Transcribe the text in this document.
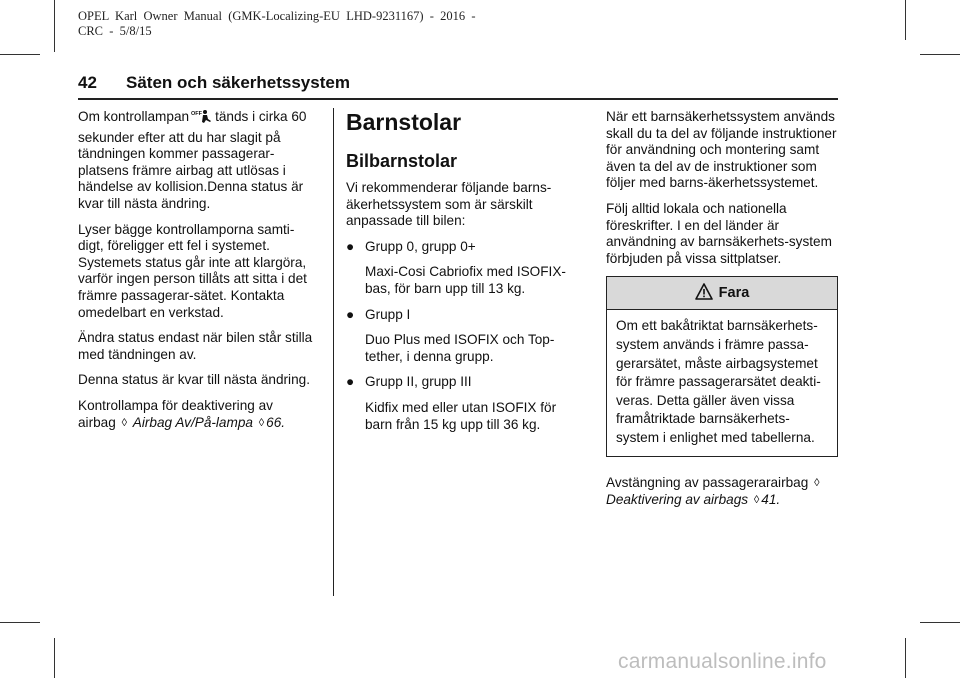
OPEL  Karl  Owner  Manual  (GMK-Localizing-EU  LHD-9231167)  -  2016  -
CRC  -  5/8/15
42 Säten och säkerhetssystem

Om kontrollampan OFF tänds i cirka 60 sekunder efter att du har slagit på tändningen kommer passagerar-platsens främre airbag att utlösas i händelse av kollision.Denna status är kvar till nästa ändring.

Lyser bägge kontrollamporna samti-digt, föreligger ett fel i systemet. Systemets status går inte att klargöra, varför ingen person tillåts att sitta i det främre passagerar-sätet. Kontakta omedelbart en verkstad.

Ändra status endast när bilen står stilla med tändningen av.

Denna status är kvar till nästa ändring.

Kontrollampa för deaktivering av
airbag ◊ Airbag Av/På-lampa ◊ 66.

Barnstolar
Bilbarnstolar

Vi rekommenderar följande barns-äkerhetssystem som är särskilt anpassade till bilen:

● Grupp 0, grupp 0+
Maxi-Cosi Cabriofix med ISOFIX-bas, för barn upp till 13 kg.
● Grupp I
Duo Plus med ISOFIX och Top-tether, i denna grupp.
● Grupp II, grupp III
Kidfix med eller utan ISOFIX för barn från 15 kg upp till 36 kg.

När ett barnsäkerhetssystem används skall du ta del av följande instruktioner för användning och montering samt även ta del av de instruktioner som följer med barns-äkerhetssystemet.

Följ alltid lokala och nationella föreskrifter. I en del länder är användning av barnsäkerhets-system förbjuden på vissa sittplatser.

Fara
Om ett bakåtriktat barnsäkerhets-system används i främre passa-gerarsätet, måste airbagsystemet för främre passagerarsätet deakti-veras. Detta gäller även vissa framåtriktade barnsäkerhets-system i enlighet med tabellerna.

Avstängning av passagerarairbag ◊
Deaktivering av airbags ◊ 41.

carmanualsonline.info
